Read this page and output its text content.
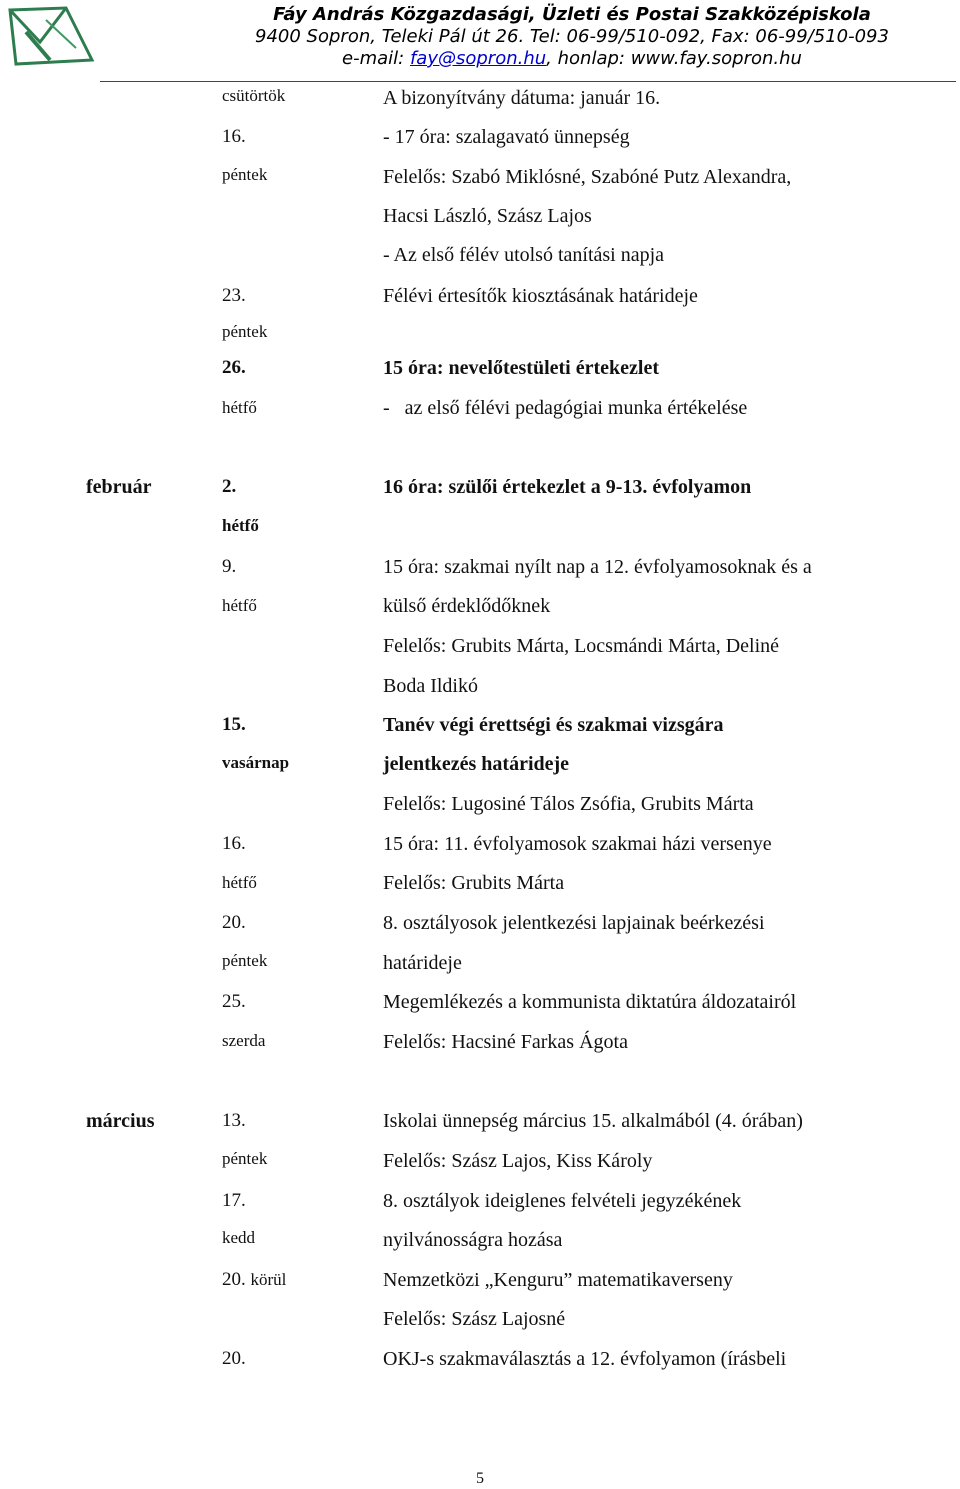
Fáy András Közgazdasági, Üzleti és Postai Szakközépiskola
9400 Sopron, Teleki Pál út 26. Tel: 06-99/510-092, Fax: 06-99/510-093
e-mail: fay@sopron.hu, honlap: www.fay.sopron.hu
csütörtök	A bizonyítvány dátuma: január 16.
16.	- 17 óra: szalagavató ünnepség
péntek	Felelős: Szabó Miklósné, Szabóné Putz Alexandra,
Hacsi László, Szász Lajos
- Az első félév utolsó tanítási napja
23.	Félévi értesítők kiosztásának határideje
péntek
26.	15 óra: nevelőtestületi értekezlet
hétfő	-   az első félévi pedagógiai munka értékelése
február	2.	16 óra: szülői értekezlet a 9-13. évfolyamon
hétfő
9.	15 óra: szakmai nyílt nap a 12. évfolyamosoknak és a
hétfő	külső érdeklődőknek
Felelős: Grubits Márta, Locsmándi Márta, Deliné
Boda Ildikó
15.	Tanév végi érettségi és szakmai vizsgára
vasárnap	jelentkezés határideje
Felelős: Lugosiné Tálos Zsófia, Grubits Márta
16.	15 óra: 11. évfolyamosok szakmai házi versenye
hétfő	Felelős: Grubits Márta
20.	8. osztályosok jelentkezési lapjainak beérkezési
péntek	határideje
25.	Megemlékezés a kommunista diktatúra áldozatairól
szerda	Felelős: Hacsiné Farkas Ágota
március	13.	Iskolai ünnepség március 15. alkalmából (4. órában)
péntek	Felelős: Szász Lajos, Kiss Károly
17.	8. osztályok ideiglenes felvételi jegyzékének
kedd	nyilvánosságra hozása
20. körül	Nemzetközi „Kenguru” matematikaverseny
Felelős: Szász Lajosné
20.	OKJ-s szakmaválasztás a 12. évfolyamon (írásbeli
5
